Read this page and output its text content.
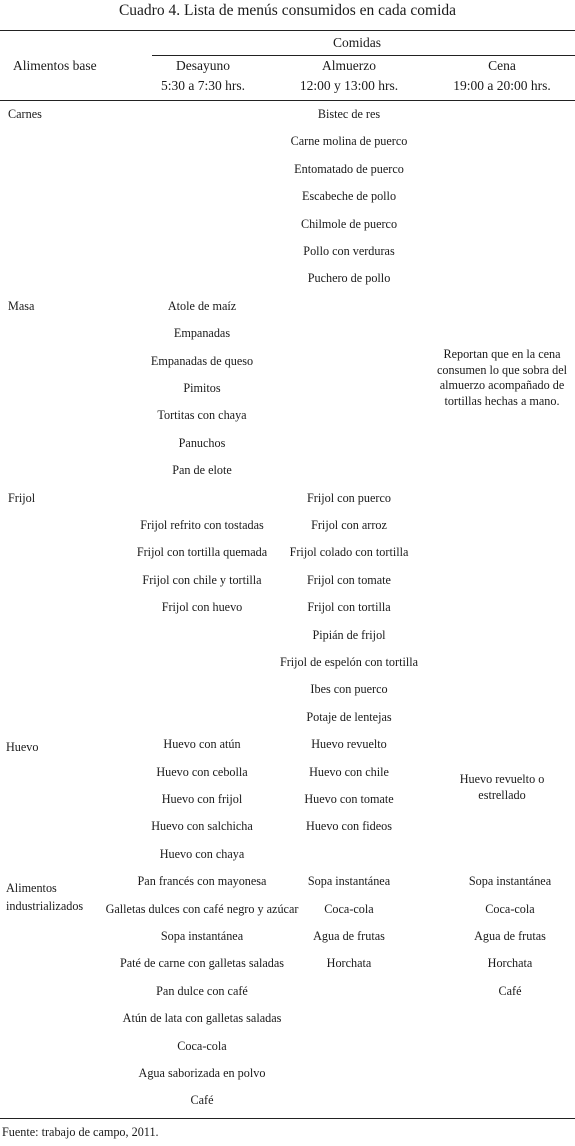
Cuadro 4. Lista de menús consumidos en cada comida
Alimentos base
Comidas
Desayuno
5:30 a 7:30 hrs.
Almuerzo
12:00 y 13:00 hrs.
Cena
19:00 a 20:00 hrs.
Carnes
Masa
Frijol
Huevo
Alimentos industrializados
Atole de maíz
Empanadas
Empanadas de queso
Pimitos
Tortitas con chaya
Panuchos
Pan de elote
Frijol refrito con tostadas
Frijol con tortilla quemada
Frijol con chile y tortilla
Frijol con huevo
Huevo con atún
Huevo con cebolla
Huevo con frijol
Huevo con salchicha
Huevo con chaya
Pan francés con mayonesa
Galletas dulces con café negro y azúcar
Sopa instantánea
Paté de carne con galletas saladas
Pan dulce con café
Atún de lata con galletas saladas
Coca-cola
Agua saborizada en polvo
Café
Bistec de res
Carne molina de puerco
Entomatado de puerco
Escabeche de pollo
Chilmole de puerco
Pollo con verduras
Puchero de pollo
Frijol con puerco
Frijol con arroz
Frijol colado con tortilla
Frijol con tomate
Frijol con tortilla
Pipián de frijol
Frijol de espelón con tortilla
Ibes con puerco
Potaje de lentejas
Huevo revuelto
Huevo con chile
Huevo con tomate
Huevo con fideos
Sopa instantánea
Coca-cola
Agua de frutas
Horchata
Sopa instantánea
Coca-cola
Agua de frutas
Horchata
Café
Reportan que en la cena consumen lo que sobra del almuerzo acompañado de tortillas hechas a mano.
Huevo revuelto o estrellado
Fuente: trabajo de campo, 2011.
